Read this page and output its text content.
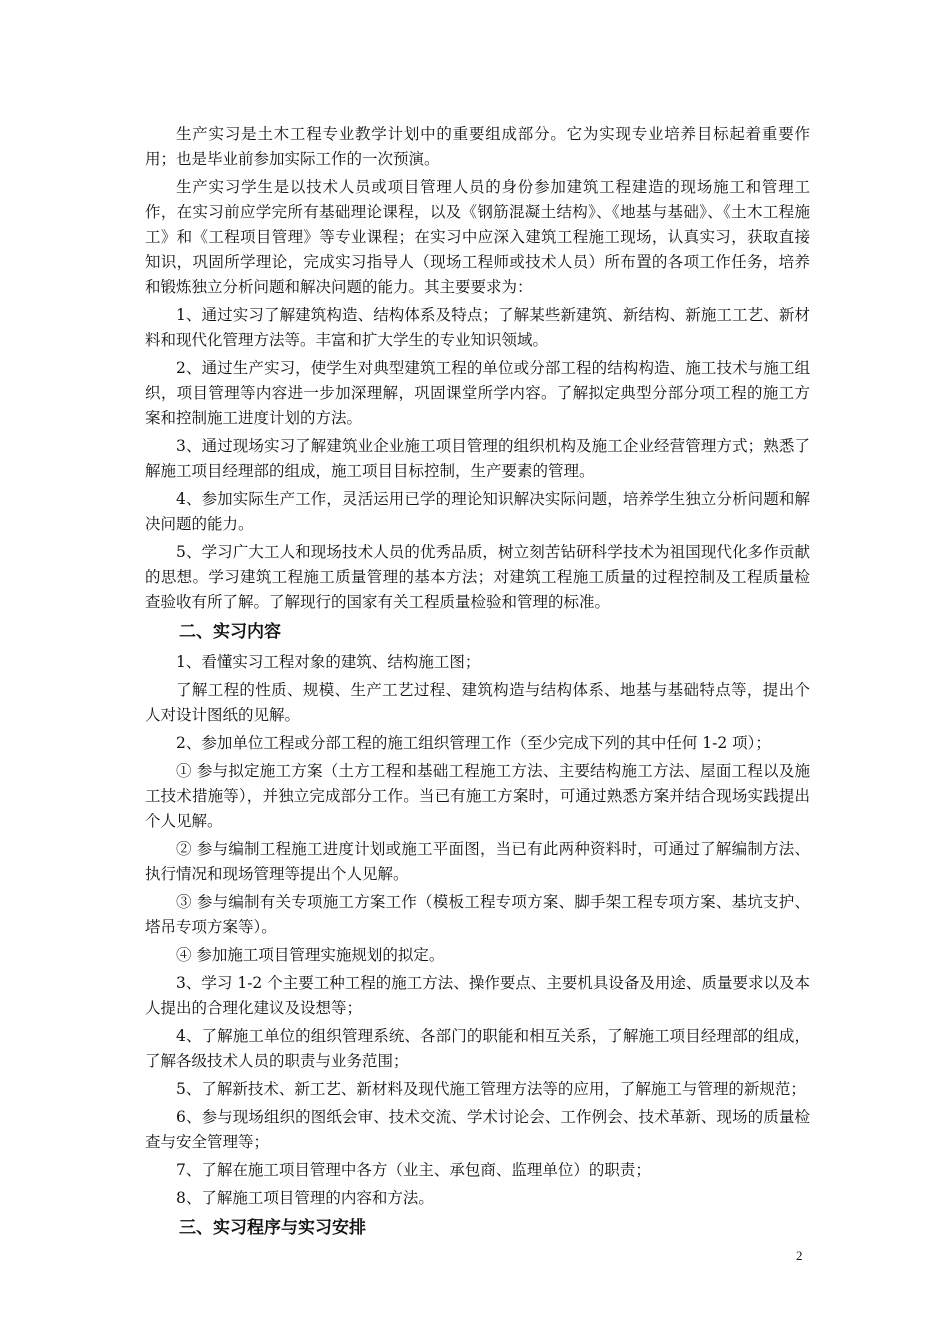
生产实习是土木工程专业教学计划中的重要组成部分。它为实现专业培养目标起着重要作用；也是毕业前参加实际工作的一次预演。

生产实习学生是以技术人员或项目管理人员的身份参加建筑工程建造的现场施工和管理工作，在实习前应学完所有基础理论课程，以及《钢筋混凝土结构》、《地基与基础》、《土木工程施工》和《工程项目管理》等专业课程；在实习中应深入建筑工程施工现场，认真实习，获取直接知识，巩固所学理论，完成实习指导人（现场工程师或技术人员）所布置的各项工作任务，培养和锻炼独立分析问题和解决问题的能力。其主要要求为：

1、通过实习了解建筑构造、结构体系及特点；了解某些新建筑、新结构、新施工工艺、新材料和现代化管理方法等。丰富和扩大学生的专业知识领域。

2、通过生产实习，使学生对典型建筑工程的单位或分部工程的结构构造、施工技术与施工组织，项目管理等内容进一步加深理解，巩固课堂所学内容。了解拟定典型分部分项工程的施工方案和控制施工进度计划的方法。

3、通过现场实习了解建筑业企业施工项目管理的组织机构及施工企业经营管理方式；熟悉了解施工项目经理部的组成，施工项目目标控制，生产要素的管理。

4、参加实际生产工作，灵活运用已学的理论知识解决实际问题，培养学生独立分析问题和解决问题的能力。

5、学习广大工人和现场技术人员的优秀品质，树立刻苦钻研科学技术为祖国现代化多作贡献的思想。学习建筑工程施工质量管理的基本方法；对建筑工程施工质量的过程控制及工程质量检查验收有所了解。了解现行的国家有关工程质量检验和管理的标准。

二、实习内容

1、看懂实习工程对象的建筑、结构施工图；

了解工程的性质、规模、生产工艺过程、建筑构造与结构体系、地基与基础特点等，提出个人对设计图纸的见解。

2、参加单位工程或分部工程的施工组织管理工作（至少完成下列的其中任何 1-2 项）；

① 参与拟定施工方案（土方工程和基础工程施工方法、主要结构施工方法、屋面工程以及施工技术措施等），并独立完成部分工作。当已有施工方案时，可通过熟悉方案并结合现场实践提出个人见解。

② 参与编制工程施工进度计划或施工平面图，当已有此两种资料时，可通过了解编制方法、执行情况和现场管理等提出个人见解。

③ 参与编制有关专项施工方案工作（模板工程专项方案、脚手架工程专项方案、基坑支护、塔吊专项方案等）。

④ 参加施工项目管理实施规划的拟定。

3、学习 1-2 个主要工种工程的施工方法、操作要点、主要机具设备及用途、质量要求以及本人提出的合理化建议及设想等；

4、了解施工单位的组织管理系统、各部门的职能和相互关系，了解施工项目经理部的组成，了解各级技术人员的职责与业务范围；

5、了解新技术、新工艺、新材料及现代施工管理方法等的应用，了解施工与管理的新规范；

6、参与现场组织的图纸会审、技术交流、学术讨论会、工作例会、技术革新、现场的质量检查与安全管理等；

7、了解在施工项目管理中各方（业主、承包商、监理单位）的职责；

8、了解施工项目管理的内容和方法。

三、实习程序与实习安排
2
